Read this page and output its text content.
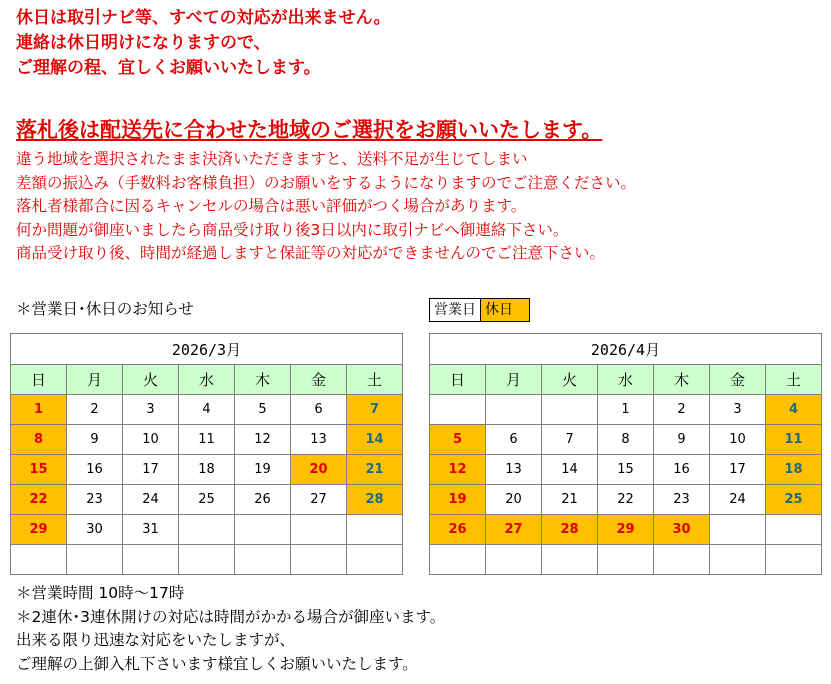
休日は取引ナビ等、すべての対応が出来ません。

連絡は休日明けになりますので、

ご理解の程、宜しくお願いいたします。

落札後は配送先に合わせた地域のご選択をお願いいたします。

違う地域を選択されたまま決済いただきますと、送料不足が生じてしまい

差額の振込み（手数料お客様負担）のお願いをするようになりますのでご注意ください。

落札者様都合に因るキャンセルの場合は悪い評価がつく場合があります。

何か問題が御座いましたら商品受け取り後3日以内に取引ナビへ御連絡下さい。

商品受け取り後、時間が経過しますと保証等の対応ができませんのでご注意下さい。

＊営業日･休日のお知らせ	営業日 休日
2026/3月						
日	月	火	水	木	金	土
1	2	3	4	5	6	7
8	9	10	11	12	13	14
15	16	17	18	19	20	21
22	23	24	25	26	27	28
29	30	31				

2026/4月						
日	月	火	水	木	金	土
			1	2	3	4
5	6	7	8	9	10	11
12	13	14	15	16	17	18
19	20	21	22	23	24	25
26	27	28	29	30		

＊営業時間 10時～17時

＊2連休･3連休開けの対応は時間がかかる場合が御座います。

出来る限り迅速な対応をいたしますが、

ご理解の上御入札下さいます様宜しくお願いいたします。
